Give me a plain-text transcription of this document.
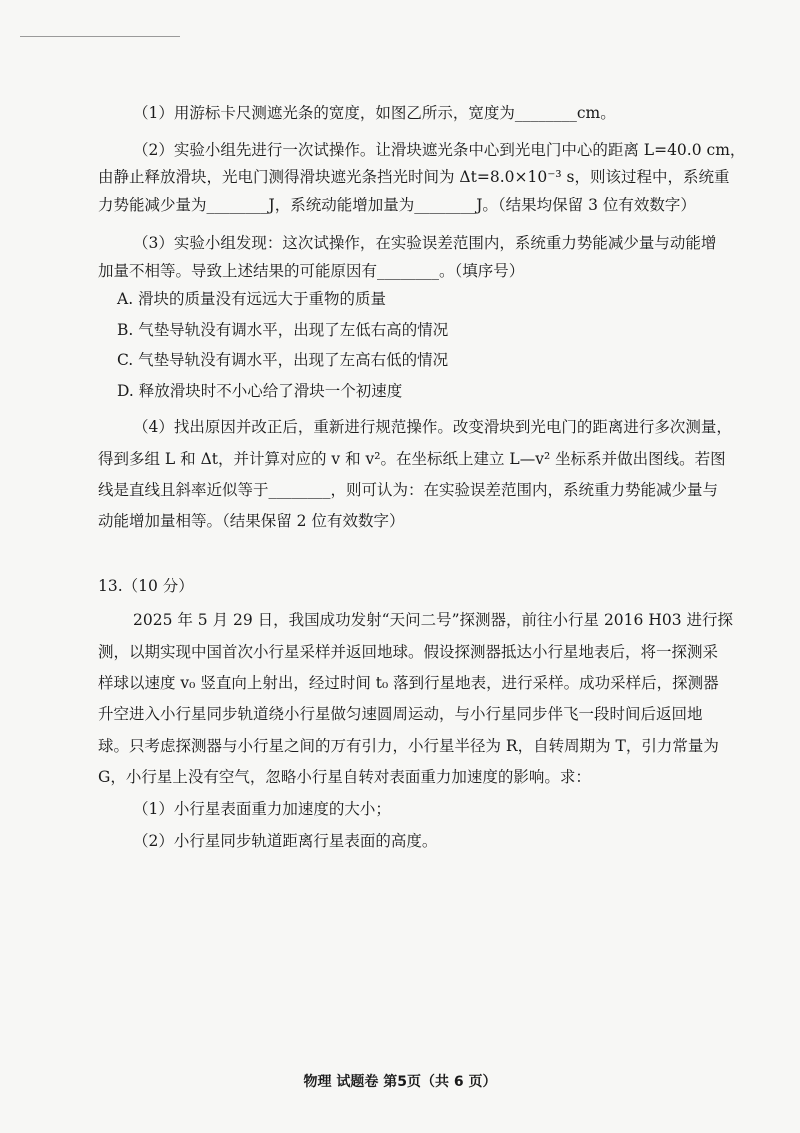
（1）用游标卡尺测遮光条的宽度，如图乙所示，宽度为________cm。
（2）实验小组先进行一次试操作。让滑块遮光条中心到光电门中心的距离 L=40.0 cm，
由静止释放滑块，光电门测得滑块遮光条挡光时间为 Δt=8.0×10⁻³ s，则该过程中，系统重
力势能减少量为________J，系统动能增加量为________J。（结果均保留 3 位有效数字）
（3）实验小组发现：这次试操作，在实验误差范围内，系统重力势能减少量与动能增
加量不相等。导致上述结果的可能原因有________。（填序号）
A. 滑块的质量没有远远大于重物的质量
B. 气垫导轨没有调水平，出现了左低右高的情况
C. 气垫导轨没有调水平，出现了左高右低的情况
D. 释放滑块时不小心给了滑块一个初速度
（4）找出原因并改正后，重新进行规范操作。改变滑块到光电门的距离进行多次测量，
得到多组 L 和 Δt，并计算对应的 v 和 v²。在坐标纸上建立 L—v² 坐标系并做出图线。若图
线是直线且斜率近似等于________，则可认为：在实验误差范围内，系统重力势能减少量与
动能增加量相等。（结果保留 2 位有效数字）
13.（10 分）
2025 年 5 月 29 日，我国成功发射“天问二号”探测器，前往小行星 2016 H03 进行探
测，以期实现中国首次小行星采样并返回地球。假设探测器抵达小行星地表后，将一探测采
样球以速度 v₀ 竖直向上射出，经过时间 t₀ 落到行星地表，进行采样。成功采样后，探测器
升空进入小行星同步轨道绕小行星做匀速圆周运动，与小行星同步伴飞一段时间后返回地
球。只考虑探测器与小行星之间的万有引力，小行星半径为 R，自转周期为 T，引力常量为
G，小行星上没有空气，忽略小行星自转对表面重力加速度的影响。求：
（1）小行星表面重力加速度的大小；
（2）小行星同步轨道距离行星表面的高度。
物理 试题卷 第5页（共 6 页）
